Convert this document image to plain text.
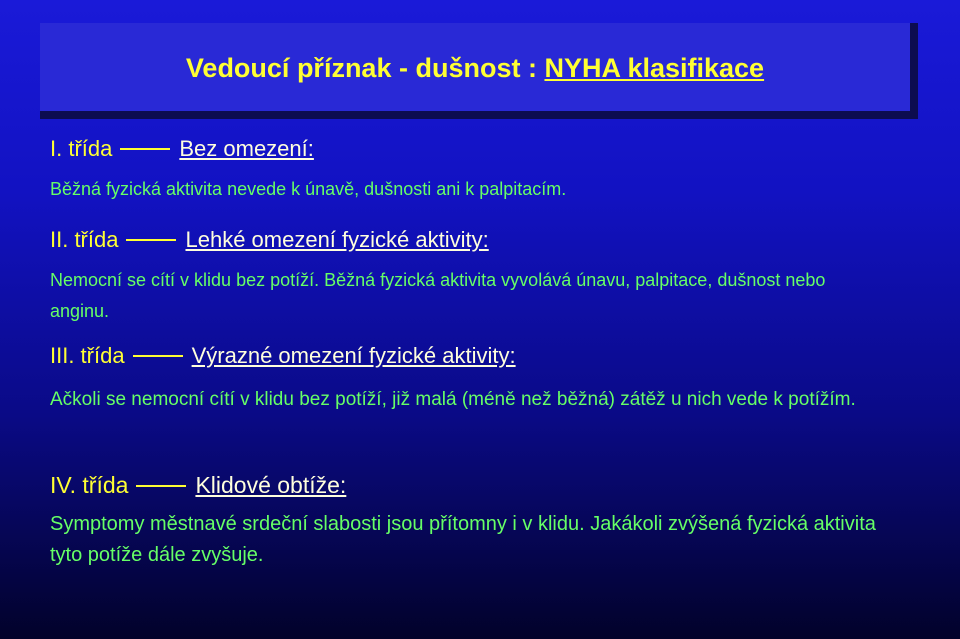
Vedoucí příznak - dušnost : NYHA klasifikace
I. třída	Bez omezení:
Běžná fyzická aktivita nevede k únavě, dušnosti ani k palpitacím.
II. třída	Lehké omezení fyzické aktivity:
Nemocní se cítí v klidu bez potíží. Běžná fyzická aktivita vyvolává únavu, palpitace, dušnost nebo anginu.
III. třída	Výrazné omezení fyzické aktivity:
Ačkoli se nemocní cítí v klidu bez potíží, již malá (méně než běžná) zátěž u nich vede k potížím.
IV. třída	Klidové obtíže:
Symptomy městnavé srdeční slabosti jsou přítomny i v klidu. Jakákoli zvýšená fyzická aktivita tyto potíže dále zvyšuje.
